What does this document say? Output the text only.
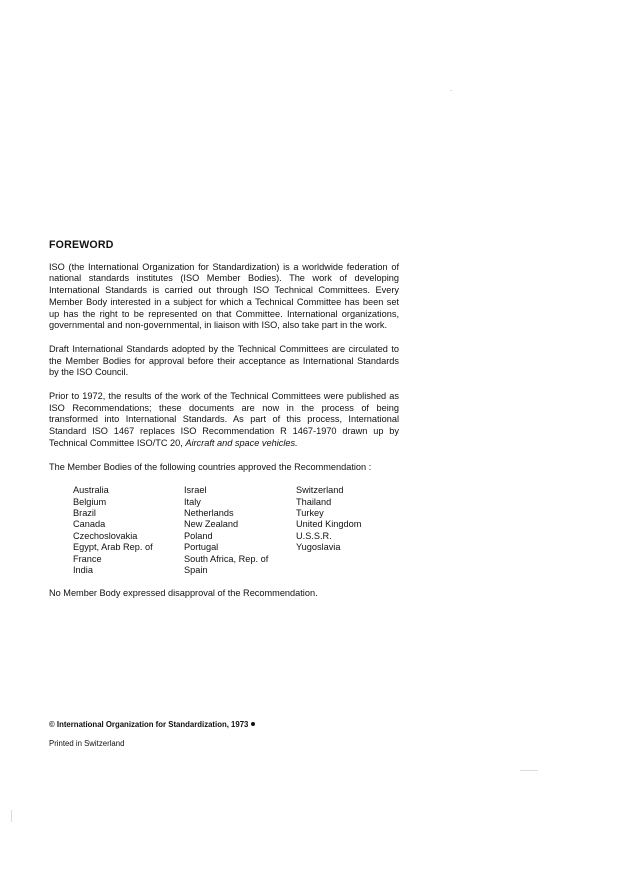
FOREWORD

ISO (the International Organization for Standardization) is a worldwide federation of national standards institutes (ISO Member Bodies). The work of developing International Standards is carried out through ISO Technical Committees. Every Member Body interested in a subject for which a Technical Committee has been set up has the right to be represented on that Committee. International organizations, governmental and non-governmental, in liaison with ISO, also take part in the work.

Draft International Standards adopted by the Technical Committees are circulated to the Member Bodies for approval before their acceptance as International Standards by the ISO Council.

Prior to 1972, the results of the work of the Technical Committees were published as ISO Recommendations; these documents are now in the process of being transformed into International Standards. As part of this process, International Standard ISO 1467 replaces ISO Recommendation R 1467-1970 drawn up by Technical Committee ISO/TC 20, Aircraft and space vehicles.

The Member Bodies of the following countries approved the Recommendation :

Australia
Belgium
Brazil
Canada
Czechoslovakia
Egypt, Arab Rep. of
France
India
Israel
Italy
Netherlands
New Zealand
Poland
Portugal
South Africa, Rep. of
Spain
Switzerland
Thailand
Turkey
United Kingdom
U.S.S.R.
Yugoslavia

No Member Body expressed disapproval of the Recommendation.

© International Organization for Standardization, 1973
Printed in Switzerland
